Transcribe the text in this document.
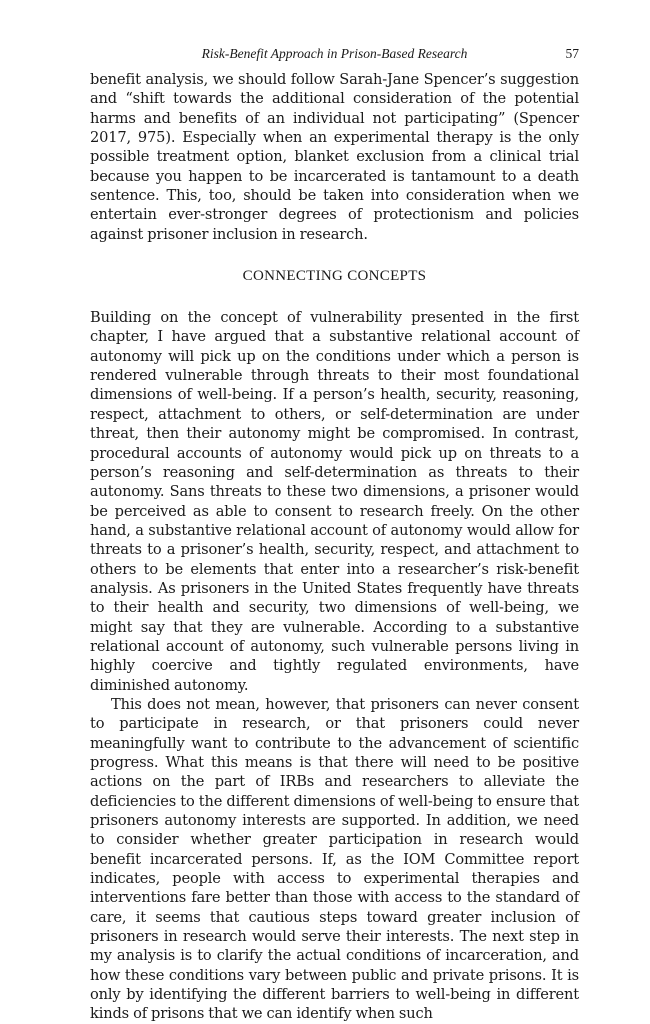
Risk-Benefit Approach in Prison-Based Research	57

benefit analysis, we should follow Sarah-Jane Spencer’s suggestion and “shift towards the additional consideration of the potential harms and benefits of an individual not participating” (Spencer 2017, 975). Especially when an experimental therapy is the only possible treatment option, blanket exclusion from a clinical trial because you happen to be incarcerated is tantamount to a death sentence. This, too, should be taken into consideration when we entertain ever-stronger degrees of protectionism and policies against prisoner inclusion in research.

CONNECTING CONCEPTS

Building on the concept of vulnerability presented in the first chapter, I have argued that a substantive relational account of autonomy will pick up on the conditions under which a person is rendered vulnerable through threats to their most foundational dimensions of well-being. If a person’s health, security, reasoning, respect, attachment to others, or self-determination are under threat, then their autonomy might be compromised. In contrast, procedural accounts of autonomy would pick up on threats to a person’s reasoning and self-determination as threats to their autonomy. Sans threats to these two dimensions, a prisoner would be perceived as able to consent to research freely. On the other hand, a substantive relational account of autonomy would allow for threats to a prisoner’s health, security, respect, and attachment to others to be elements that enter into a researcher’s risk-benefit analysis. As prisoners in the United States frequently have threats to their health and security, two dimensions of well-being, we might say that they are vulnerable. According to a substantive relational account of autonomy, such vulnerable persons living in highly coercive and tightly regulated environments, have diminished autonomy.

This does not mean, however, that prisoners can never consent to participate in research, or that prisoners could never meaningfully want to contribute to the advancement of scientific progress. What this means is that there will need to be positive actions on the part of IRBs and researchers to alleviate the deficiencies to the different dimensions of well-being to ensure that prisoners autonomy interests are supported. In addition, we need to consider whether greater participation in research would benefit incarcerated persons. If, as the IOM Committee report indicates, people with access to experimental therapies and interventions fare better than those with access to the standard of care, it seems that cautious steps toward greater inclusion of prisoners in research would serve their interests. The next step in my analysis is to clarify the actual conditions of incarceration, and how these conditions vary between public and private prisons. It is only by identifying the different barriers to well-being in different kinds of prisons that we can identify when such
